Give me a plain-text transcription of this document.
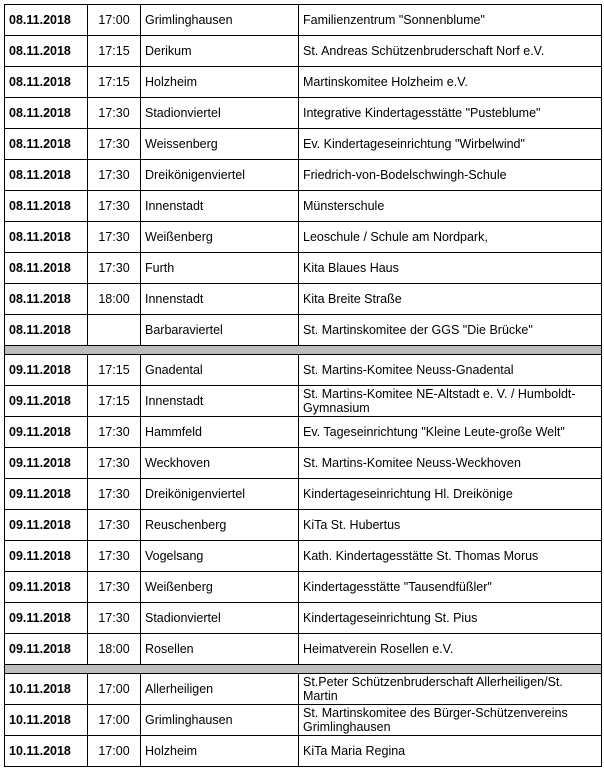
08.11.2018	17:00	Grimlinghausen	Familienzentrum "Sonnenblume"
08.11.2018	17:15	Derikum	St. Andreas Schützenbruderschaft Norf e.V.
08.11.2018	17:15	Holzheim	Martinskomitee Holzheim e.V.
08.11.2018	17:30	Stadionviertel	Integrative Kindertagesstätte "Pusteblume"
08.11.2018	17:30	Weissenberg	Ev. Kindertageseinrichtung "Wirbelwind"
08.11.2018	17:30	Dreikönigenviertel	Friedrich-von-Bodelschwingh-Schule
08.11.2018	17:30	Innenstadt	Münsterschule
08.11.2018	17:30	Weißenberg	Leoschule / Schule am Nordpark,
08.11.2018	17:30	Furth	Kita Blaues Haus
08.11.2018	18:00	Innenstadt	Kita Breite Straße
08.11.2018		Barbaraviertel	St. Martinskomitee der GGS "Die Brücke"

09.11.2018	17:15	Gnadental	St. Martins-Komitee Neuss-Gnadental
09.11.2018	17:15	Innenstadt	St. Martins-Komitee NE-Altstadt e. V. / Humboldt-Gymnasium
09.11.2018	17:30	Hammfeld	Ev. Tageseinrichtung "Kleine Leute-große Welt"
09.11.2018	17:30	Weckhoven	St. Martins-Komitee Neuss-Weckhoven
09.11.2018	17:30	Dreikönigenviertel	Kindertageseinrichtung Hl. Dreikönige
09.11.2018	17:30	Reuschenberg	KiTa St. Hubertus
09.11.2018	17:30	Vogelsang	Kath. Kindertagesstätte St. Thomas Morus
09.11.2018	17:30	Weißenberg	Kindertagesstätte "Tausendfüßler"
09.11.2018	17:30	Stadionviertel	Kindertageseinrichtung St. Pius
09.11.2018	18:00	Rosellen	Heimatverein Rosellen e.V.

10.11.2018	17:00	Allerheiligen	St.Peter Schützenbruderschaft Allerheiligen/St. Martin
10.11.2018	17:00	Grimlinghausen	St. Martinskomitee des Bürger-Schützenvereins Grimlinghausen
10.11.2018	17:00	Holzheim	KiTa Maria Regina
